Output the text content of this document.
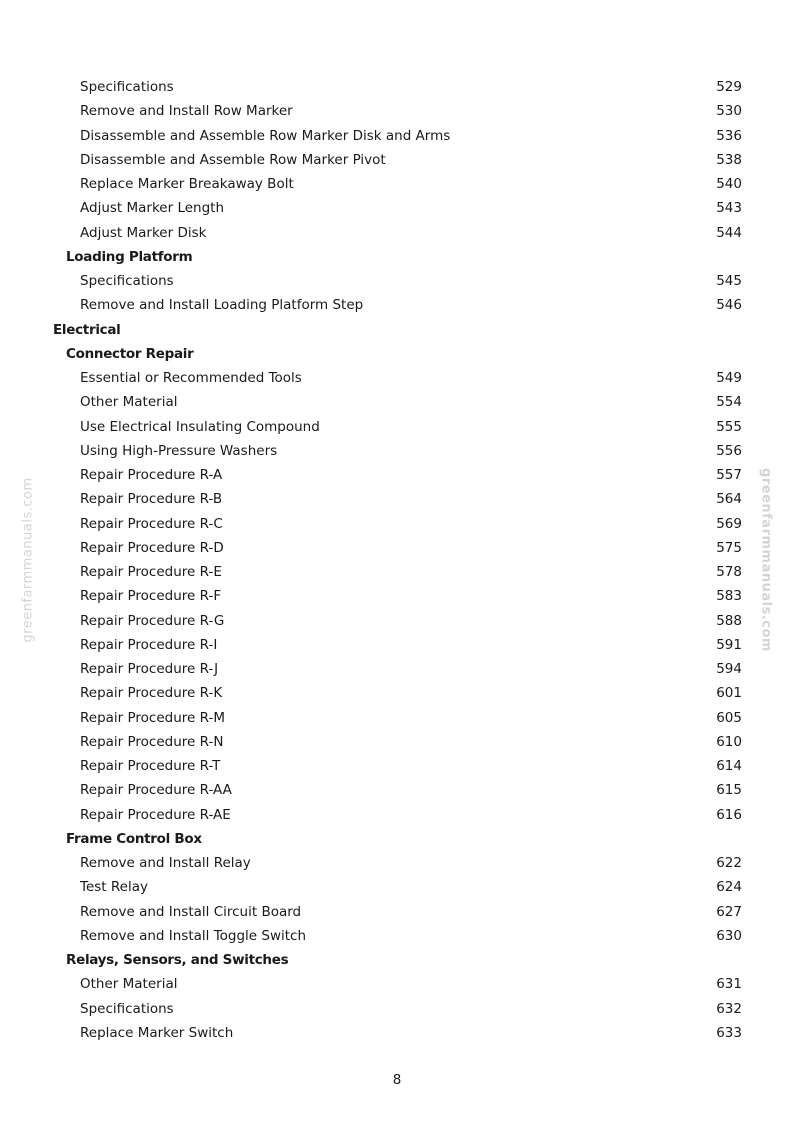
greenfarmmanuals.com	greenfarmmanuals.com
Specifications	529
Remove and Install Row Marker	530
Disassemble and Assemble Row Marker Disk and Arms	536
Disassemble and Assemble Row Marker Pivot	538
Replace Marker Breakaway Bolt	540
Adjust Marker Length	543
Adjust Marker Disk	544
Loading Platform
Specifications	545
Remove and Install Loading Platform Step	546
Electrical
Connector Repair
Essential or Recommended Tools	549
Other Material	554
Use Electrical Insulating Compound	555
Using High-Pressure Washers	556
Repair Procedure R-A	557
Repair Procedure R-B	564
Repair Procedure R-C	569
Repair Procedure R-D	575
Repair Procedure R-E	578
Repair Procedure R-F	583
Repair Procedure R-G	588
Repair Procedure R-I	591
Repair Procedure R-J	594
Repair Procedure R-K	601
Repair Procedure R-M	605
Repair Procedure R-N	610
Repair Procedure R-T	614
Repair Procedure R-AA	615
Repair Procedure R-AE	616
Frame Control Box
Remove and Install Relay	622
Test Relay	624
Remove and Install Circuit Board	627
Remove and Install Toggle Switch	630
Relays, Sensors, and Switches
Other Material	631
Specifications	632
Replace Marker Switch	633
8
